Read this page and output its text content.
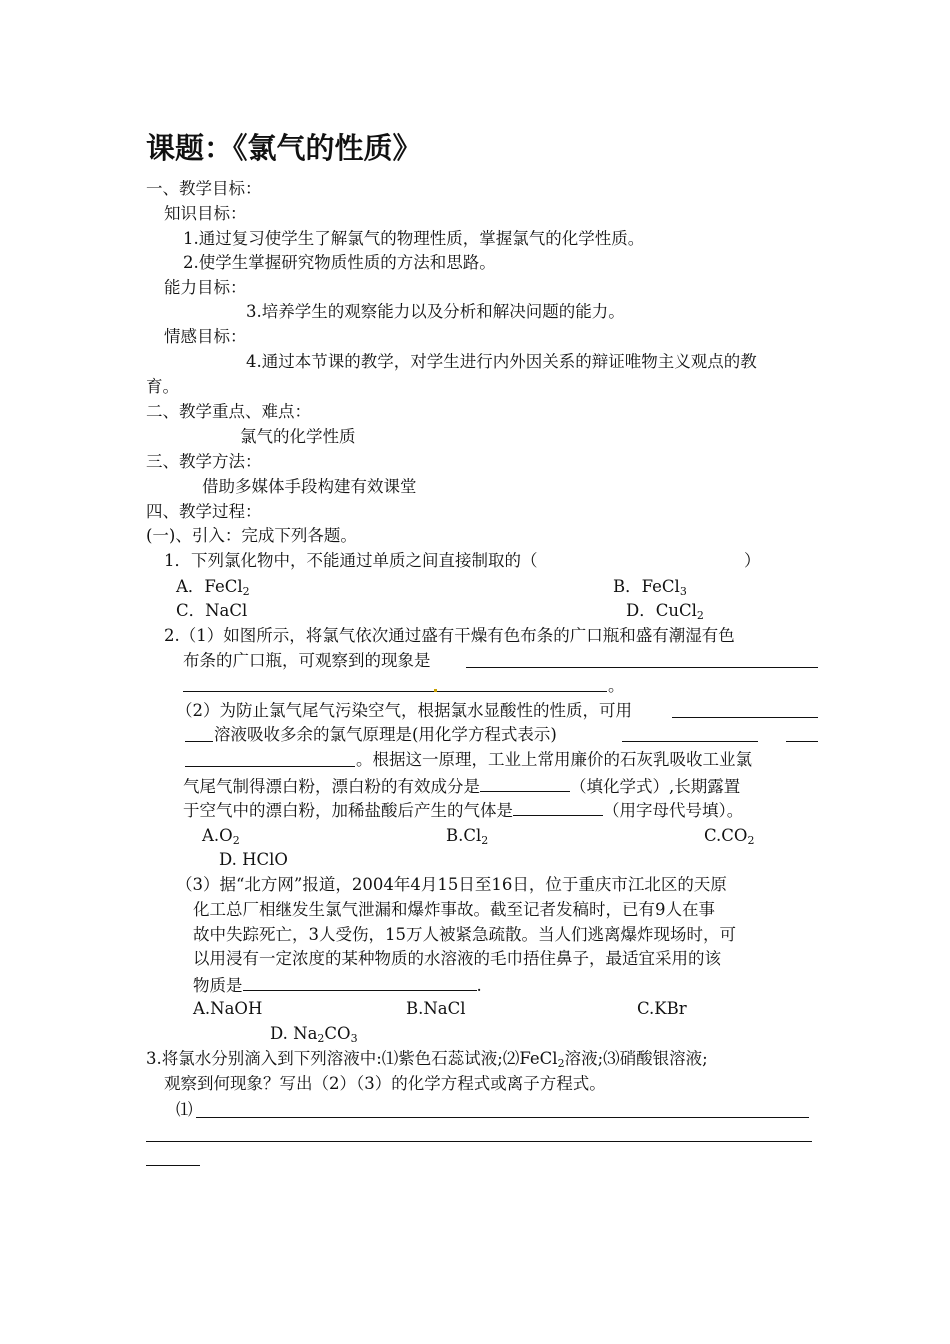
课题：《氯气的性质》
一、教学目标：
知识目标：
1.通过复习使学生了解氯气的物理性质，掌握氯气的化学性质。
2.使学生掌握研究物质性质的方法和思路。
能力目标：
3.培养学生的观察能力以及分析和解决问题的能力。
情感目标：
4.通过本节课的教学，对学生进行内外因关系的辩证唯物主义观点的教
育。
二、教学重点、难点：
氯气的化学性质
三、教学方法：
借助多媒体手段构建有效课堂
四、教学过程：
(一)、引入：完成下列各题。
1．下列氯化物中，不能通过单质之间直接制取的（	）
A．FeCl$_2$	B．FeCl$_3$
C．NaCl	D．CuCl$_2$
2.（1）如图所示，将氯气依次通过盛有干燥有色布条的广口瓶和盛有潮湿有色
布条的广口瓶，可观察到的现象是
。
（2）为防止氯气尾气污染空气，根据氯水显酸性的性质，可用
溶液吸收多余的氯气原理是(用化学方程式表示)
。根据这一原理，工业上常用廉价的石灰乳吸收工业氯
气尾气制得漂白粉，漂白粉的有效成分是	（填化学式）,长期露置
于空气中的漂白粉，加稀盐酸后产生的气体是	（用字母代号填）。
$A.O_2$	$B.Cl_2$	$C.CO_2$
D. HClO
（3）据“北方网”报道，2004年4月15日至16日，位于重庆市江北区的天原
化工总厂相继发生氯气泄漏和爆炸事故。截至记者发稿时，已有9人在事
故中失踪死亡，3人受伤，15万人被紧急疏散。当人们逃离爆炸现场时，可
以用浸有一定浓度的某种物质的水溶液的毛巾捂住鼻子，最适宜采用的该
物质是	.
A.NaOH	B.NaCl	C.KBr
D. $Na_2CO_3$
3.将氯水分别滴入到下列溶液中:⑴紫色石蕊试液;⑵FeCl$_2$溶液;⑶硝酸银溶液;
观察到何现象？写出（2）（3）的化学方程式或离子方程式。
⑴
